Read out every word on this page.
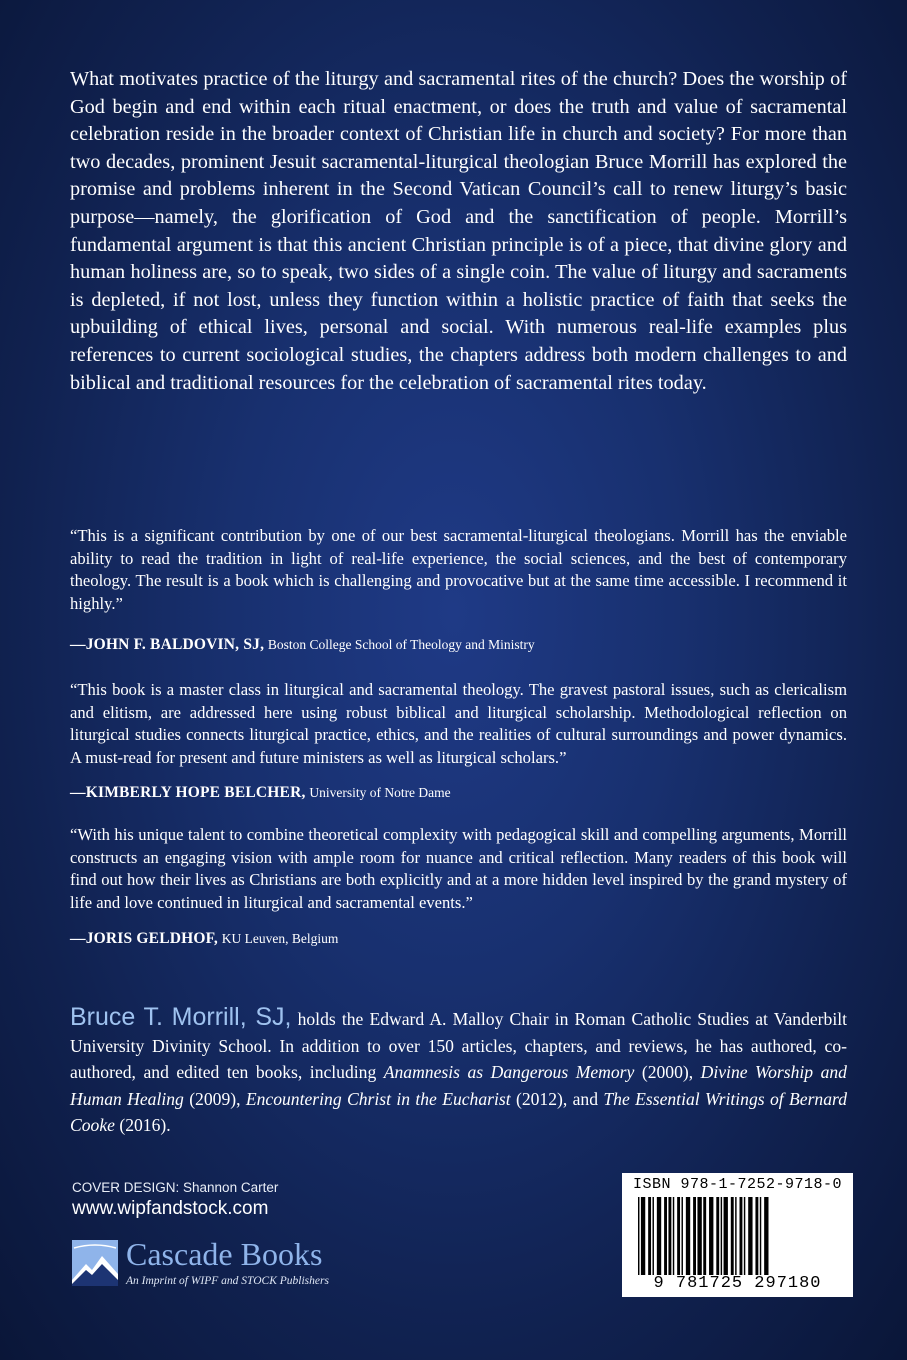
What motivates practice of the liturgy and sacramental rites of the church? Does the worship of God begin and end within each ritual enactment, or does the truth and value of sacramental celebration reside in the broader context of Christian life in church and society? For more than two decades, prominent Jesuit sacramental-liturgical theologian Bruce Morrill has explored the promise and problems inherent in the Second Vatican Council’s call to renew liturgy’s basic purpose—namely, the glorification of God and the sanctification of people. Morrill’s fundamental argument is that this ancient Christian principle is of a piece, that divine glory and human holiness are, so to speak, two sides of a single coin. The value of liturgy and sacraments is depleted, if not lost, unless they function within a holistic practice of faith that seeks the upbuilding of ethical lives, personal and social. With numerous real-life examples plus references to current sociological studies, the chapters address both modern challenges to and biblical and traditional resources for the celebration of sacramental rites today.

“This is a significant contribution by one of our best sacramental-liturgical theologians. Morrill has the enviable ability to read the tradition in light of real-life experience, the social sciences, and the best of contemporary theology. The result is a book which is challenging and provocative but at the same time accessible. I recommend it highly.”

—JOHN F. BALDOVIN, SJ, Boston College School of Theology and Ministry

“This book is a master class in liturgical and sacramental theology. The gravest pastoral issues, such as clericalism and elitism, are addressed here using robust biblical and liturgical scholarship. Methodological reflection on liturgical studies connects liturgical practice, ethics, and the realities of cultural surroundings and power dynamics. A must-read for present and future ministers as well as liturgical scholars.”

—KIMBERLY HOPE BELCHER, University of Notre Dame

“With his unique talent to combine theoretical complexity with pedagogical skill and compelling arguments, Morrill constructs an engaging vision with ample room for nuance and critical reflection. Many readers of this book will find out how their lives as Christians are both explicitly and at a more hidden level inspired by the grand mystery of life and love continued in liturgical and sacramental events.”

—JORIS GELDHOF, KU Leuven, Belgium

Bruce T. Morrill, SJ, holds the Edward A. Malloy Chair in Roman Catholic Studies at Vanderbilt University Divinity School. In addition to over 150 articles, chapters, and reviews, he has authored, co-authored, and edited ten books, including Anamnesis as Dangerous Memory (2000), Divine Worship and Human Healing (2009), Encountering Christ in the Eucharist (2012), and The Essential Writings of Bernard Cooke (2016).

COVER DESIGN: Shannon Carter

www.wipfandstock.com

Cascade Books

An Imprint of WIPF and STOCK Publishers

ISBN 978-1-7252-9718-0

9 781725 297180
